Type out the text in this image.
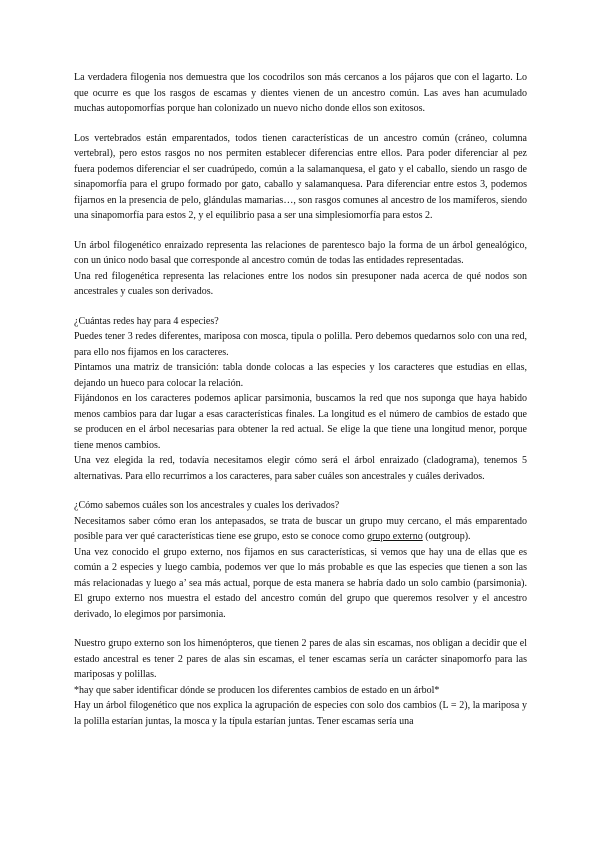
La verdadera filogenia nos demuestra que los cocodrilos son más cercanos a los pájaros que con el lagarto. Lo que ocurre es que los rasgos de escamas y dientes vienen de un ancestro común. Las aves han acumulado muchas autopomorfías porque han colonizado un nuevo nicho donde ellos son exitosos.

Los vertebrados están emparentados, todos tienen características de un ancestro común (cráneo, columna vertebral), pero estos rasgos no nos permiten establecer diferencias entre ellos. Para poder diferenciar al pez fuera podemos diferenciar el ser cuadrúpedo, común a la salamanquesa, el gato y el caballo, siendo un rasgo de sinapomorfía para el grupo formado por gato, caballo y salamanquesa. Para diferenciar entre estos 3, podemos fijarnos en la presencia de pelo, glándulas mamarias…, son rasgos comunes al ancestro de los mamíferos, siendo una sinapomorfía para estos 2, y el equilibrio pasa a ser una simplesiomorfía para estos 2.

Un árbol filogenético enraizado representa las relaciones de parentesco bajo la forma de un árbol genealógico, con un único nodo basal que corresponde al ancestro común de todas las entidades representadas.
Una red filogenética representa las relaciones entre los nodos sin presuponer nada acerca de qué nodos son ancestrales y cuales son derivados.
¿Cuántas redes hay para 4 especies?
Puedes tener 3 redes diferentes, mariposa con mosca, tipula o polilla. Pero debemos quedarnos solo con una red, para ello nos fijamos en los caracteres.
Pintamos una matriz de transición: tabla donde colocas a las especies y los caracteres que estudias en ellas, dejando un hueco para colocar la relación.
Fijándonos en los caracteres podemos aplicar parsimonia, buscamos la red que nos suponga que haya habido menos cambios para dar lugar a esas características finales. La longitud es el número de cambios de estado que se producen en el árbol necesarias para obtener la red actual. Se elige la que tiene una longitud menor, porque tiene menos cambios.
Una vez elegida la red, todavía necesitamos elegir cómo será el árbol enraizado (cladograma), tenemos 5 alternativas. Para ello recurrimos a los caracteres, para saber cuáles son ancestrales y cuáles derivados.
¿Cómo sabemos cuáles son los ancestrales y cuales los derivados?
Necesitamos saber cómo eran los antepasados, se trata de buscar un grupo muy cercano, el más emparentado posible para ver qué características tiene ese grupo, esto se conoce como grupo externo (outgroup).
Una vez conocido el grupo externo, nos fijamos en sus características, si vemos que hay una de ellas que es común a 2 especies y luego cambia, podemos ver que lo más probable es que las especies que tienen a son las más relacionadas y luego a’ sea más actual, porque de esta manera se habría dado un solo cambio (parsimonia). El grupo externo nos muestra el estado del ancestro común del grupo que queremos resolver y el ancestro derivado, lo elegimos por parsimonia.
Nuestro grupo externo son los himenópteros, que tienen 2 pares de alas sin escamas, nos obligan a decidir que el estado ancestral es tener 2 pares de alas sin escamas, el tener escamas sería un carácter sinapomorfo para las mariposas y polillas.
*hay que saber identificar dónde se producen los diferentes cambios de estado en un árbol*
Hay un árbol filogenético que nos explica la agrupación de especies con solo dos cambios (L = 2), la mariposa y la polilla estarían juntas, la mosca y la típula estarían juntas. Tener escamas sería una
